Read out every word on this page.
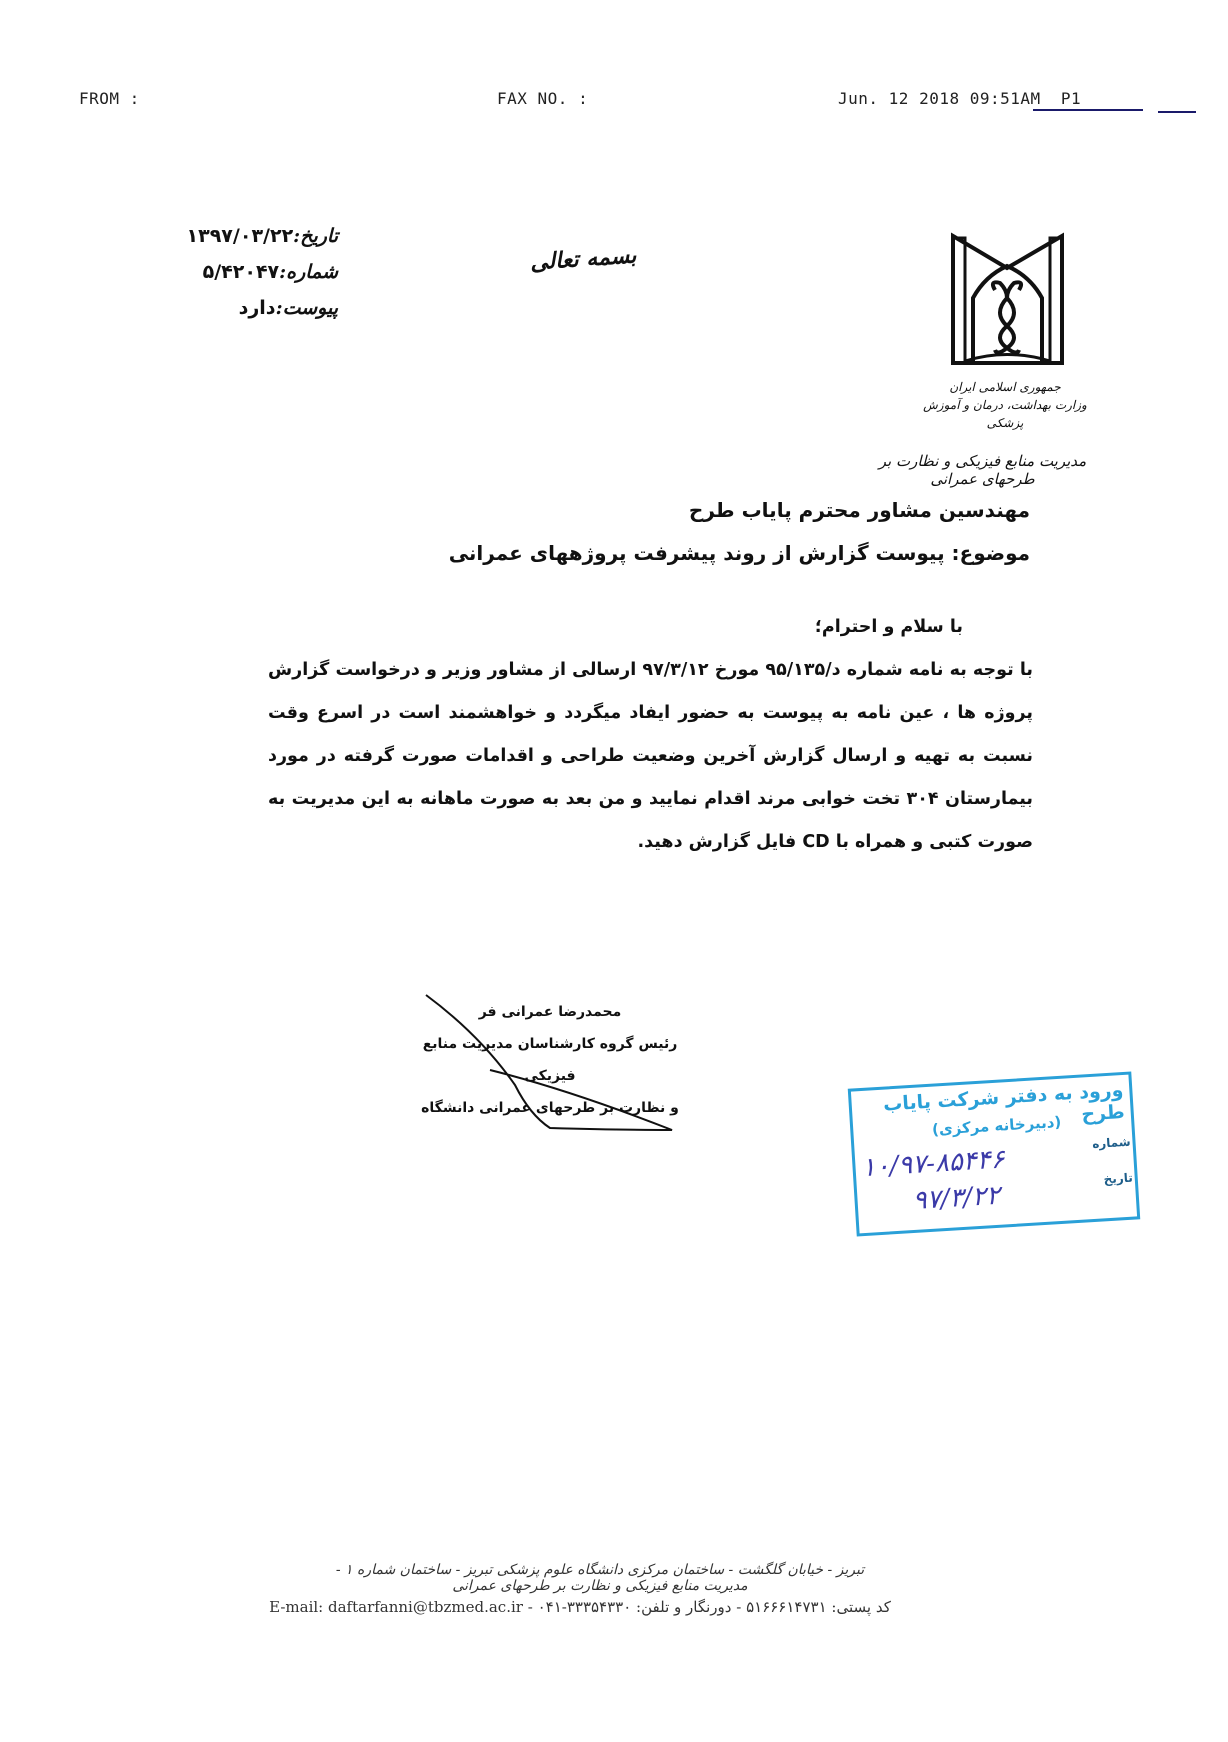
FROM :	FAX NO. :	Jun. 12 2018 09:51AM P1
تاریخ:۱۳۹۷/۰۳/۲۲
شماره:۵/۴۲۰۴۷
پیوست:دارد
بسمه تعالی
جمهوری اسلامی ایران
وزارت بهداشت، درمان و آموزش پزشکی
مدیریت منابع فیزیکی و نظارت بر طرحهای عمرانی
مهندسین مشاور محترم پایاب طرح
موضوع: پیوست گزارش از روند پیشرفت پروژههای عمرانی

با سلام و احترام؛

با توجه به نامه شماره د/۹۵/۱۳۵ مورخ ۹۷/۳/۱۲ ارسالی از مشاور وزیر و درخواست گزارش پروژه ها ، عین نامه به پیوست به حضور ایفاد میگردد و خواهشمند است در اسرع وقت نسبت به تهیه و ارسال گزارش آخرین وضعیت طراحی و اقدامات صورت گرفته در مورد بیمارستان ۳۰۴ تخت خوابی مرند اقدام نمایید و من بعد به صورت ماهانه به این مدیریت به صورت کتبی و همراه با CD فایل گزارش دهید.

محمدرضا عمرانی فر
رئیس گروه کارشناسان مدیریت منابع فیزیکی
و نظارت بر طرحهای عمرانی دانشگاه	ورود به دفتر شرکت پایاب طرح
(دبیرخانه مرکزی)
شماره
تاریخ
۱۰/۹۷-۸۵۴۴۶
۹۷/۳/۲۲
تبریز - خیابان گلگشت - ساختمان مرکزی دانشگاه علوم پزشکی تبریز - ساختمان شماره ۱ - مدیریت منابع فیزیکی و نظارت بر طرحهای عمرانی
کد پستی: ۵۱۶۶۶۱۴۷۳۱ - دورنگار و تلفن: ۳۳۳۵۴۳۳۰-۰۴۱ - E-mail: daftarfanni@tbzmed.ac.ir
